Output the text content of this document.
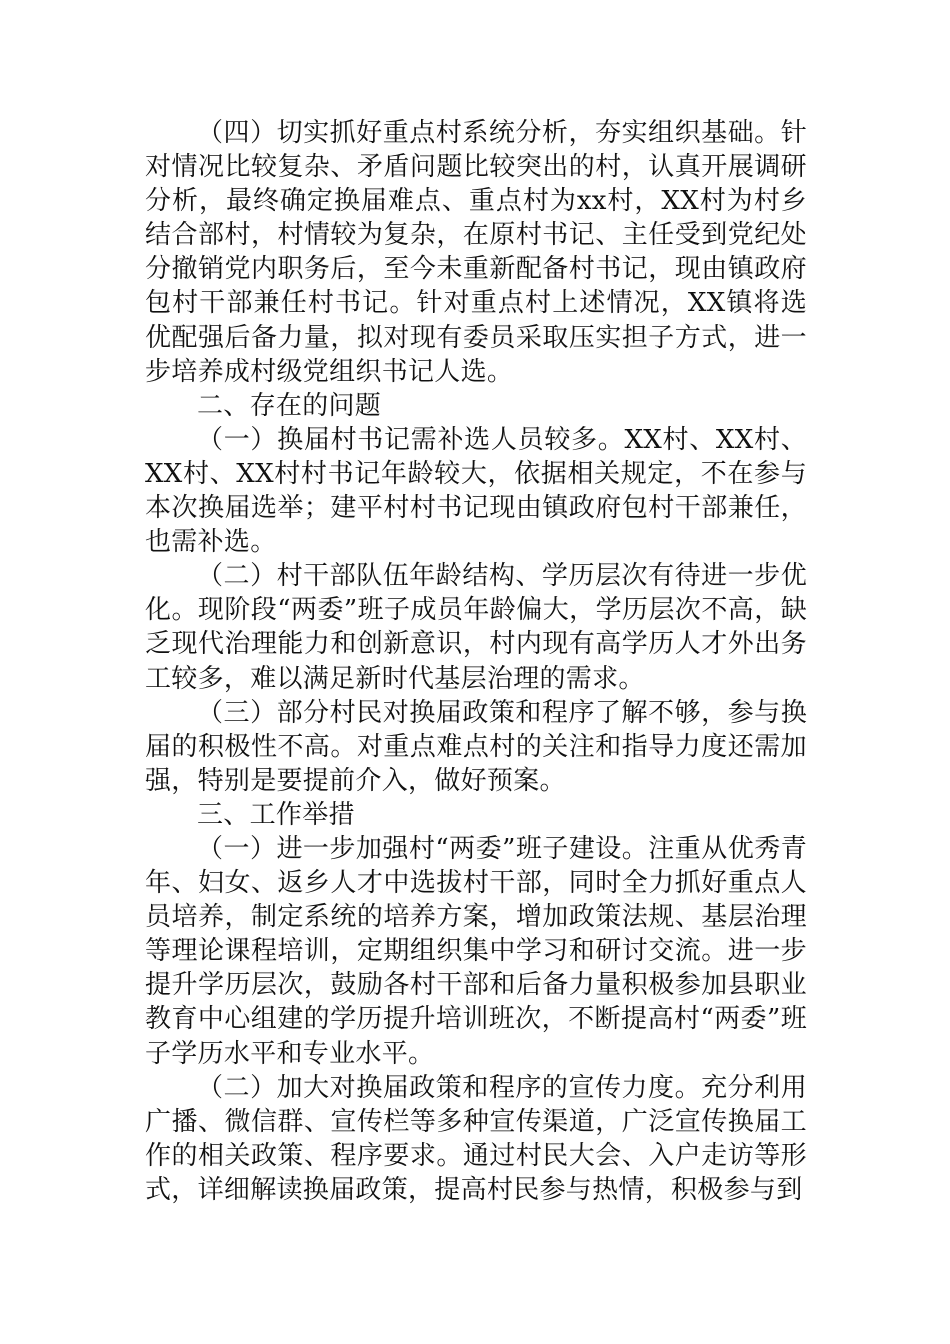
（四）切实抓好重点村系统分析，夯实组织基础。针对情况比较复杂、矛盾问题比较突出的村，认真开展调研分析，最终确定换届难点、重点村为xx村，XX村为村乡结合部村，村情较为复杂，在原村书记、主任受到党纪处分撤销党内职务后，至今未重新配备村书记，现由镇政府包村干部兼任村书记。针对重点村上述情况，XX镇将选优配强后备力量，拟对现有委员采取压实担子方式，进一步培养成村级党组织书记人选。

二、存在的问题

（一）换届村书记需补选人员较多。XX村、XX村、XX村、XX村村书记年龄较大，依据相关规定，不在参与本次换届选举；建平村村书记现由镇政府包村干部兼任，也需补选。

（二）村干部队伍年龄结构、学历层次有待进一步优化。现阶段“两委”班子成员年龄偏大，学历层次不高，缺乏现代治理能力和创新意识，村内现有高学历人才外出务工较多，难以满足新时代基层治理的需求。

（三）部分村民对换届政策和程序了解不够，参与换届的积极性不高。对重点难点村的关注和指导力度还需加强，特别是要提前介入，做好预案。

三、工作举措

（一）进一步加强村“两委”班子建设。注重从优秀青年、妇女、返乡人才中选拔村干部，同时全力抓好重点人员培养，制定系统的培养方案，增加政策法规、基层治理等理论课程培训，定期组织集中学习和研讨交流。进一步提升学历层次，鼓励各村干部和后备力量积极参加县职业教育中心组建的学历提升培训班次，不断提高村“两委”班子学历水平和专业水平。

（二）加大对换届政策和程序的宣传力度。充分利用广播、微信群、宣传栏等多种宣传渠道，广泛宣传换届工作的相关政策、程序要求。通过村民大会、入户走访等形式，详细解读换届政策，提高村民参与热情，积极参与到
